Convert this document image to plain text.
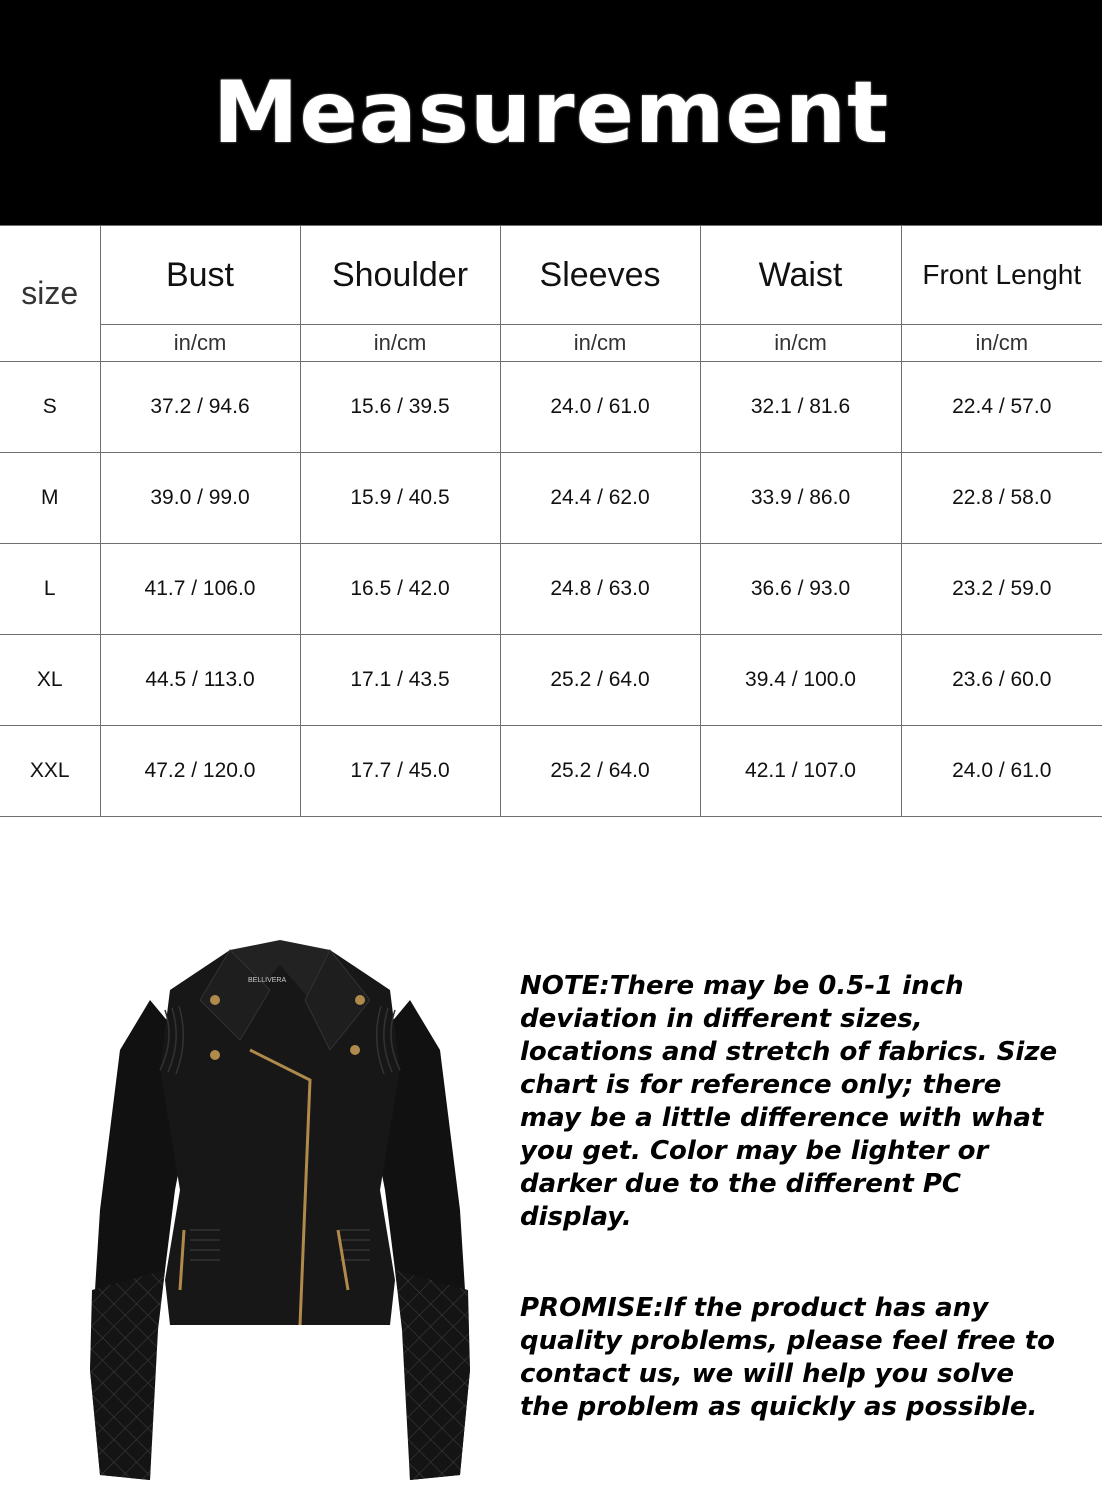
Measurement
size	Bust	Shoulder	Sleeves	Waist	Front Lenght
	in/cm	in/cm	in/cm	in/cm	in/cm
S	37.2 / 94.6	15.6 / 39.5	24.0 / 61.0	32.1 / 81.6	22.4 / 57.0
M	39.0 / 99.0	15.9 / 40.5	24.4 / 62.0	33.9 / 86.0	22.8 / 58.0
L	41.7 / 106.0	16.5 / 42.0	24.8 / 63.0	36.6 / 93.0	23.2 / 59.0
XL	44.5 / 113.0	17.1 / 43.5	25.2 / 64.0	39.4 / 100.0	23.6 / 60.0
XXL	47.2 / 120.0	17.7 / 45.0	25.2 / 64.0	42.1 / 107.0	24.0 / 61.0
BELLIVERA	NOTE:There may be 0.5-1 inch deviation in different sizes, locations and stretch of fabrics. Size chart is for reference only; there may be a little difference with what you get. Color may be lighter or darker due to the different PC display.

PROMISE:If the product has any quality problems, please feel free to contact us, we will help you solve the problem as quickly as possible.
